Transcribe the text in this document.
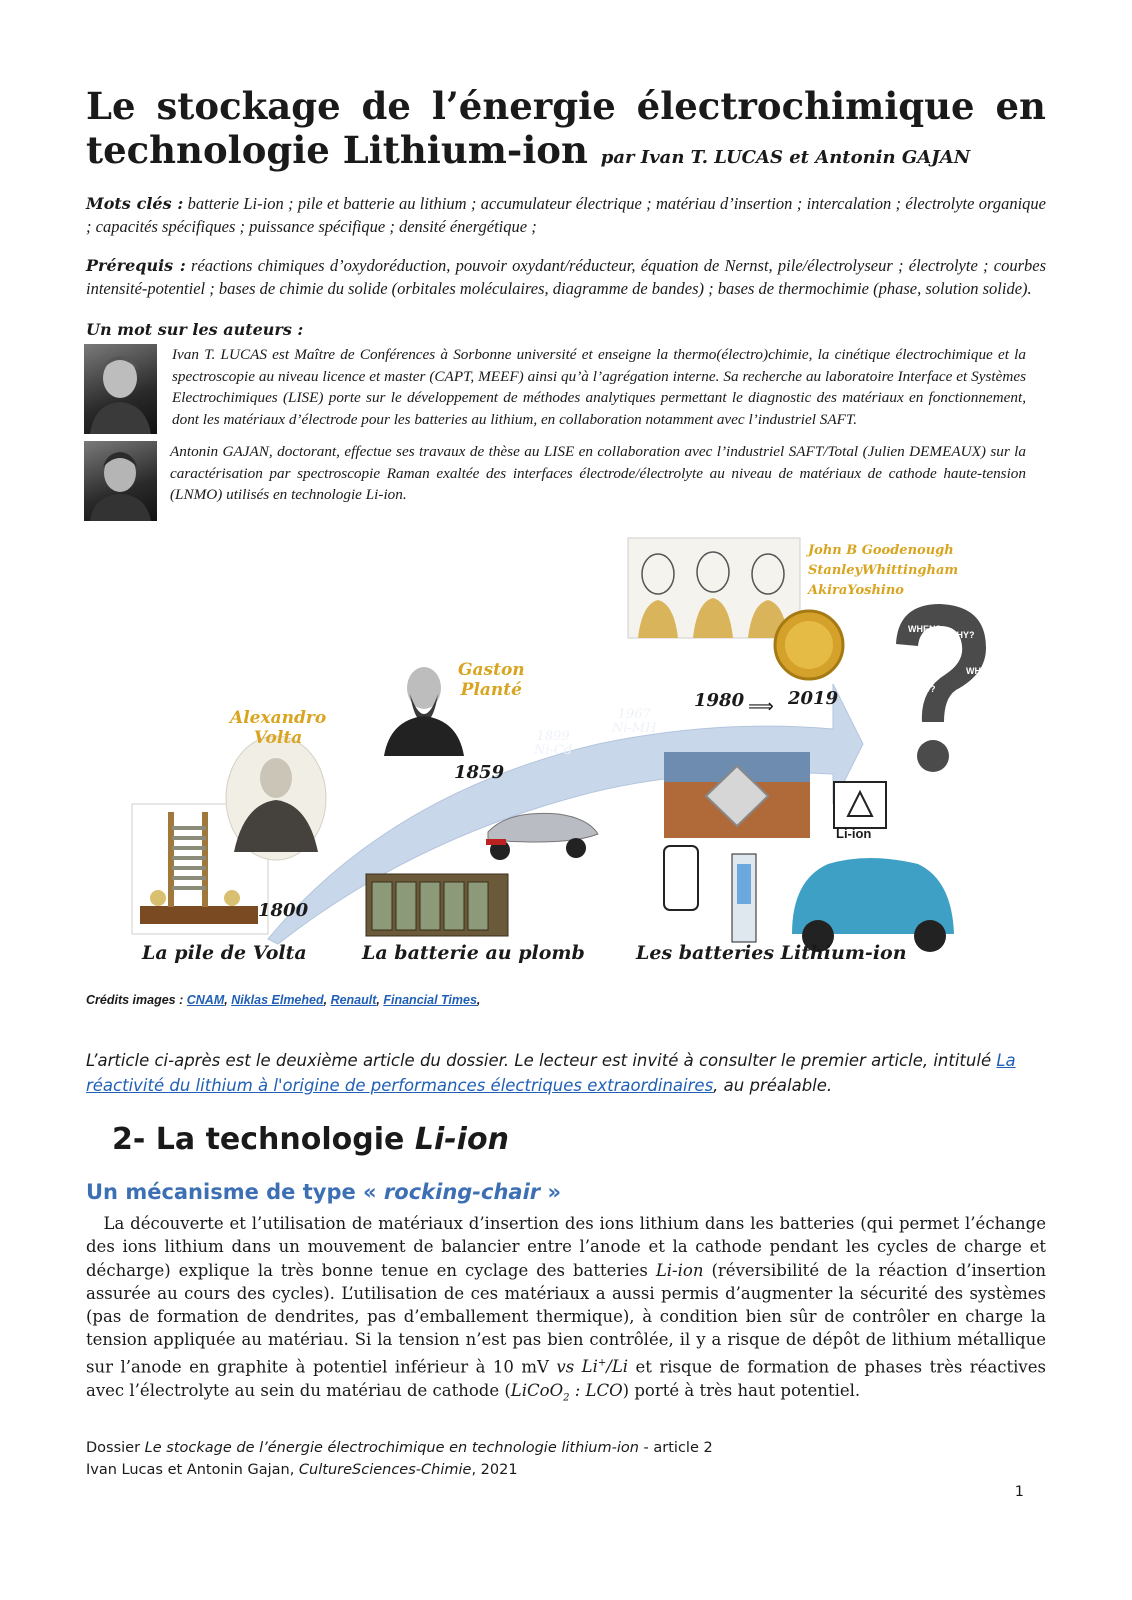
Le stockage de l’énergie électrochimique en
technologie Lithium-ion par Ivan T. LUCAS et Antonin GAJAN
Mots clés : batterie Li-ion ; pile et batterie au lithium ; accumulateur électrique ; matériau d’insertion ; intercalation ; électrolyte organique ; capacités spécifiques ; puissance spécifique ; densité énergétique ;
Prérequis : réactions chimiques d’oxydoréduction, pouvoir oxydant/réducteur, équation de Nernst, pile/électrolyseur ; électrolyte ; courbes intensité-potentiel ; bases de chimie du solide (orbitales moléculaires, diagramme de bandes) ; bases de thermochimie (phase, solution solide).
Un mot sur les auteurs :
Ivan T. LUCAS est Maître de Conférences à Sorbonne université et enseigne la thermo(électro)chimie, la cinétique électrochimique et la spectroscopie au niveau licence et master (CAPT, MEEF) ainsi qu’à l’agrégation interne. Sa recherche au laboratoire Interface et Systèmes Electrochimiques (LISE) porte sur le développement de méthodes analytiques permettant le diagnostic des matériaux en fonctionnement, dont les matériaux d’électrode pour les batteries au lithium, en collaboration notamment avec l’industriel SAFT.
Antonin GAJAN, doctorant, effectue ses travaux de thèse au LISE en collaboration avec l’industriel SAFT/Total (Julien DEMEAUX) sur la caractérisation par spectroscopie Raman exaltée des interfaces électrode/électrolyte au niveau de matériaux de cathode haute-tension (LNMO) utilisés en technologie Li-ion.
Alexandro
Volta
Gaston
Planté
John B Goodenough
StanleyWhittingham
AkiraYoshino
1800
1859
1899
Ni-Cd
1967
Ni-MH
1980 ⟹ 2019
Li-ion
La pile de Volta	La batterie au plomb	Les batteries Lithium-ion
WHEN?
WHY?
WHAT?
WHERE?
HOW?
WHO?
Crédits images : CNAM, Niklas Elmehed, Renault, Financial Times,
L’article ci-après est le deuxième article du dossier. Le lecteur est invité à consulter le premier article, intitulé La réactivité du lithium à l'origine de performances électriques extraordinaires, au préalable.
2- La technologie Li-ion
Un mécanisme de type « rocking-chair »
La découverte et l’utilisation de matériaux d’insertion des ions lithium dans les batteries (qui permet l’échange des ions lithium dans un mouvement de balancier entre l’anode et la cathode pendant les cycles de charge et décharge) explique la très bonne tenue en cyclage des batteries Li-ion (réversibilité de la réaction d’insertion assurée au cours des cycles). L’utilisation de ces matériaux a aussi permis d’augmenter la sécurité des systèmes (pas de formation de dendrites, pas d’emballement thermique), à condition bien sûr de contrôler en charge la tension appliquée au matériau. Si la tension n’est pas bien contrôlée, il y a risque de dépôt de lithium métallique sur l’anode en graphite à potentiel inférieur à 10 mV vs Li+/Li et risque de formation de phases très réactives avec l’électrolyte au sein du matériau de cathode (LiCoO$_2$ : LCO) porté à très haut potentiel.
Dossier Le stockage de l’énergie électrochimique en technologie lithium-ion - article 2
Ivan Lucas et Antonin Gajan, CultureSciences-Chimie, 2021
1
